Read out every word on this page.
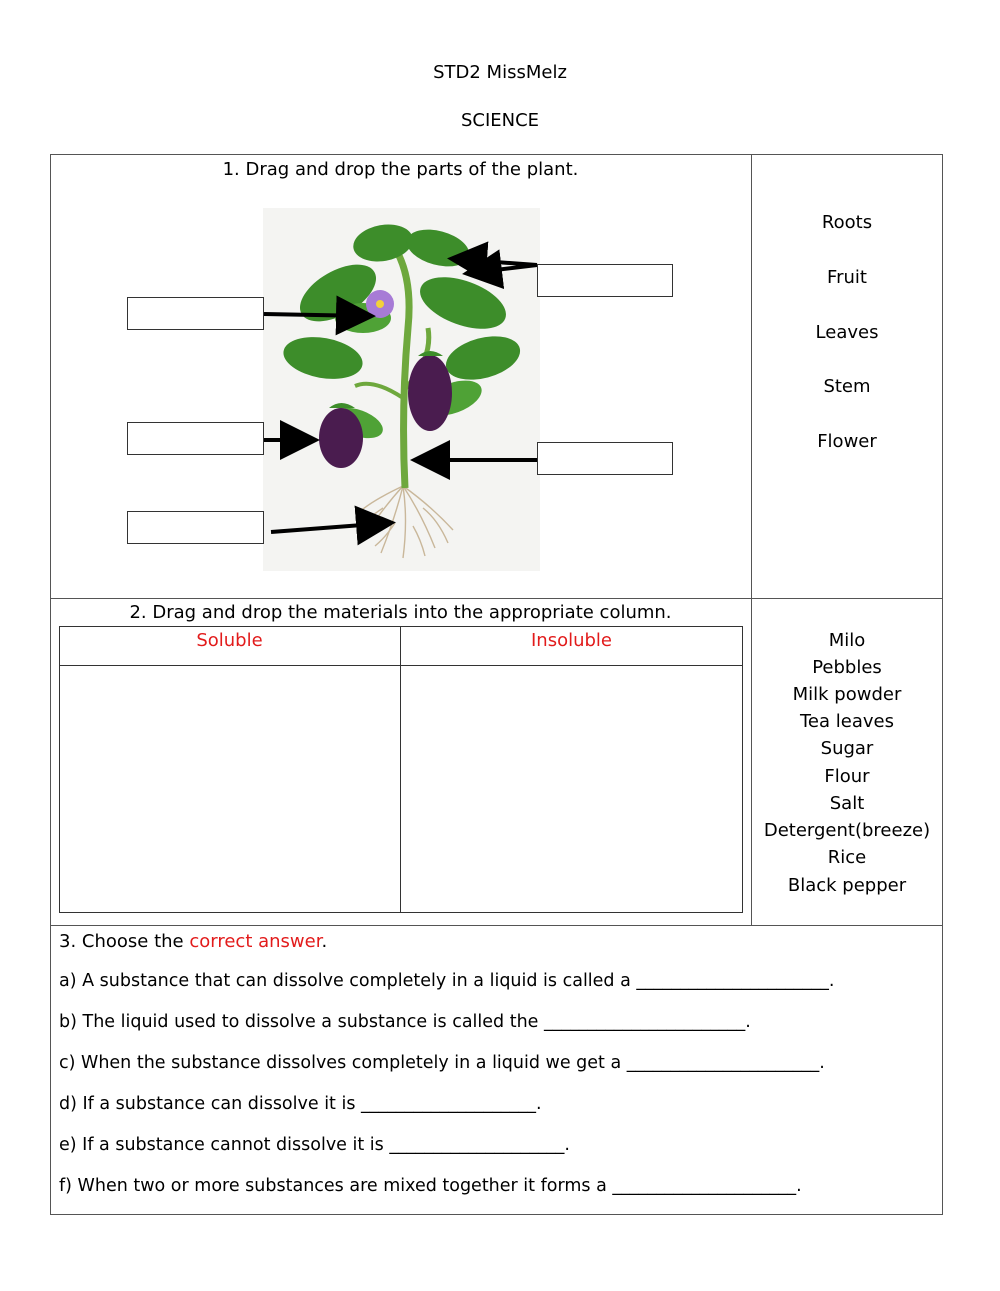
STD2 MissMelz
SCIENCE
1. Drag and drop the parts of the plant.
Roots
Fruit
Leaves
Stem
Flower
2. Drag and drop the materials into the appropriate column.
Soluble	Insoluble	Milo
Pebbles
Milk powder
Tea leaves
Sugar
Flour
Salt
Detergent(breeze)
Rice
Black pepper
3. Choose the correct answer.
a) A substance that can dissolve completely in a liquid is called a ______________________.
b) The liquid used to dissolve a substance is called the _______________________.
c) When the substance dissolves completely in a liquid we get a ______________________.
d) If a substance can dissolve it is ____________________.
e) If a substance cannot dissolve it is ____________________.
f) When two or more substances are mixed together it forms a _____________________.
